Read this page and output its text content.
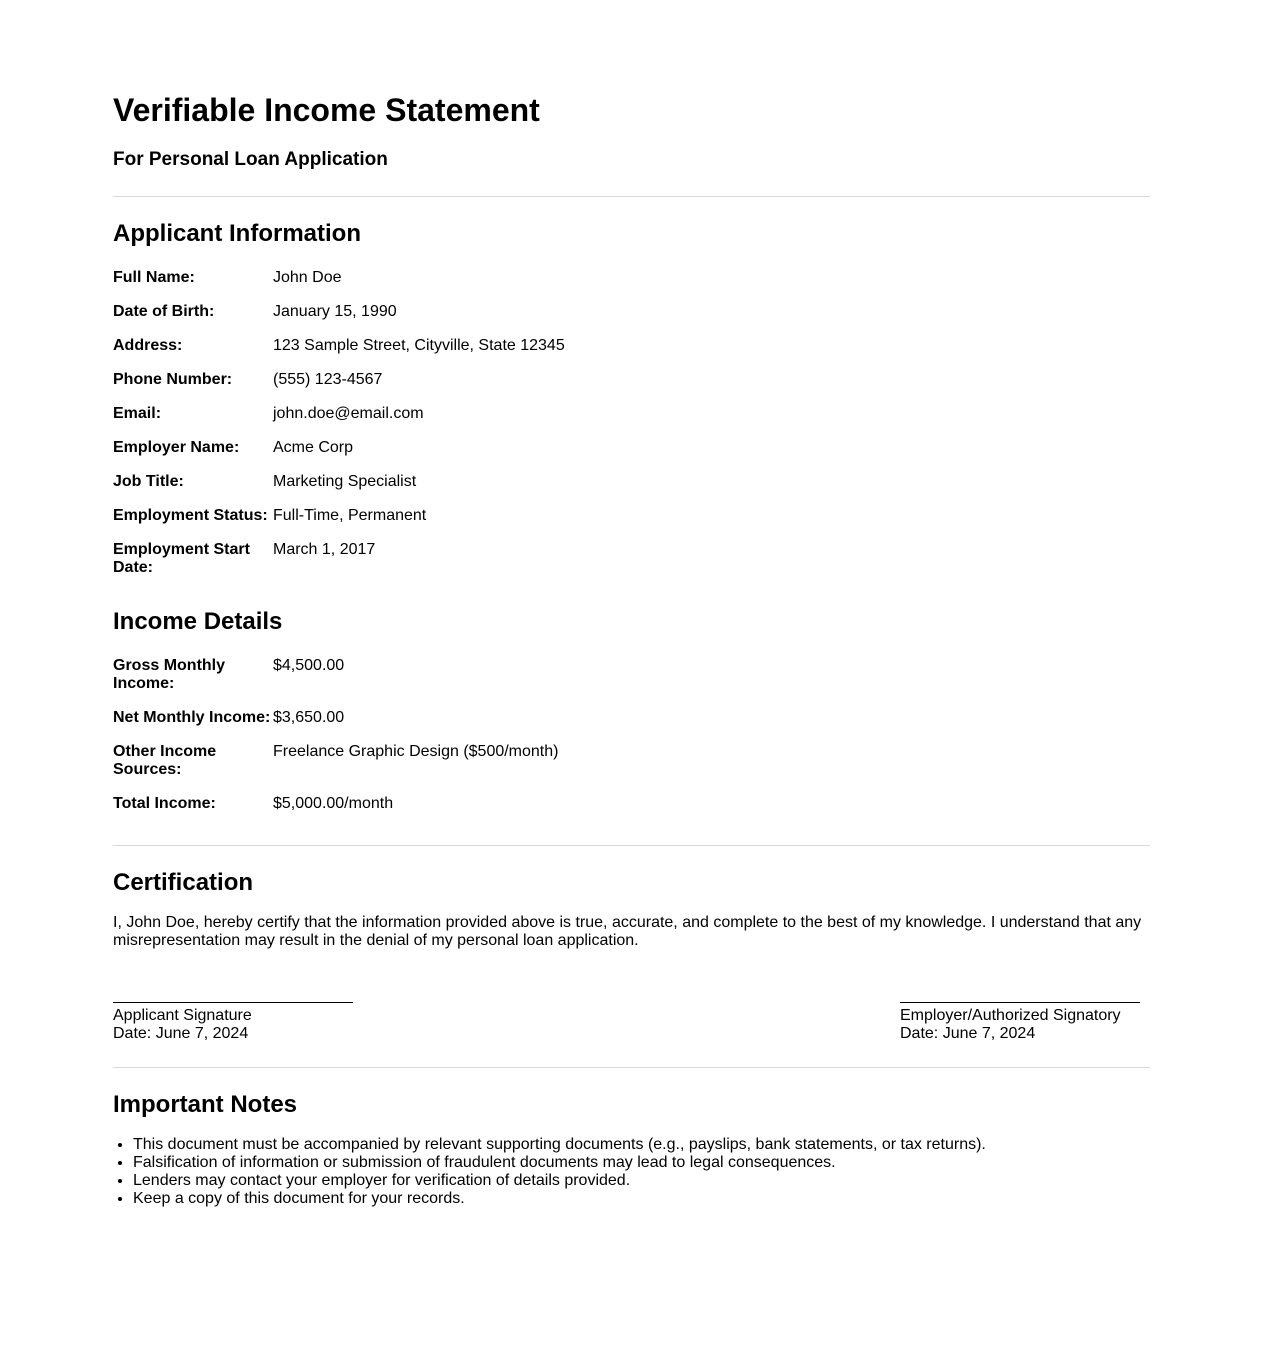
Verifiable Income Statement
For Personal Loan Application
Applicant Information
Full Name:	John Doe
Date of Birth:	January 15, 1990
Address:	123 Sample Street, Cityville, State 12345
Phone Number:	(555) 123-4567
Email:	john.doe@email.com
Employer Name:	Acme Corp
Job Title:	Marketing Specialist
Employment Status: Full-Time, Permanent
Employment Start Date:
March 1, 2017
Income Details
Gross Monthly Income:
$4,500.00
Net Monthly Income: $3,650.00
Other Income Sources:
Freelance Graphic Design ($500/month)
Total Income:	$5,000.00/month
Certification

I, John Doe, hereby certify that the information provided above is true, accurate, and complete to the best of my knowledge. I understand that any misrepresentation may result in the denial of my personal loan application.

Applicant Signature
Date: June 7, 2024
Employer/Authorized Signatory
Date: June 7, 2024
Important Notes
• This document must be accompanied by relevant supporting documents (e.g., payslips, bank statements, or tax returns).
• Falsification of information or submission of fraudulent documents may lead to legal consequences.
• Lenders may contact your employer for verification of details provided.
• Keep a copy of this document for your records.
